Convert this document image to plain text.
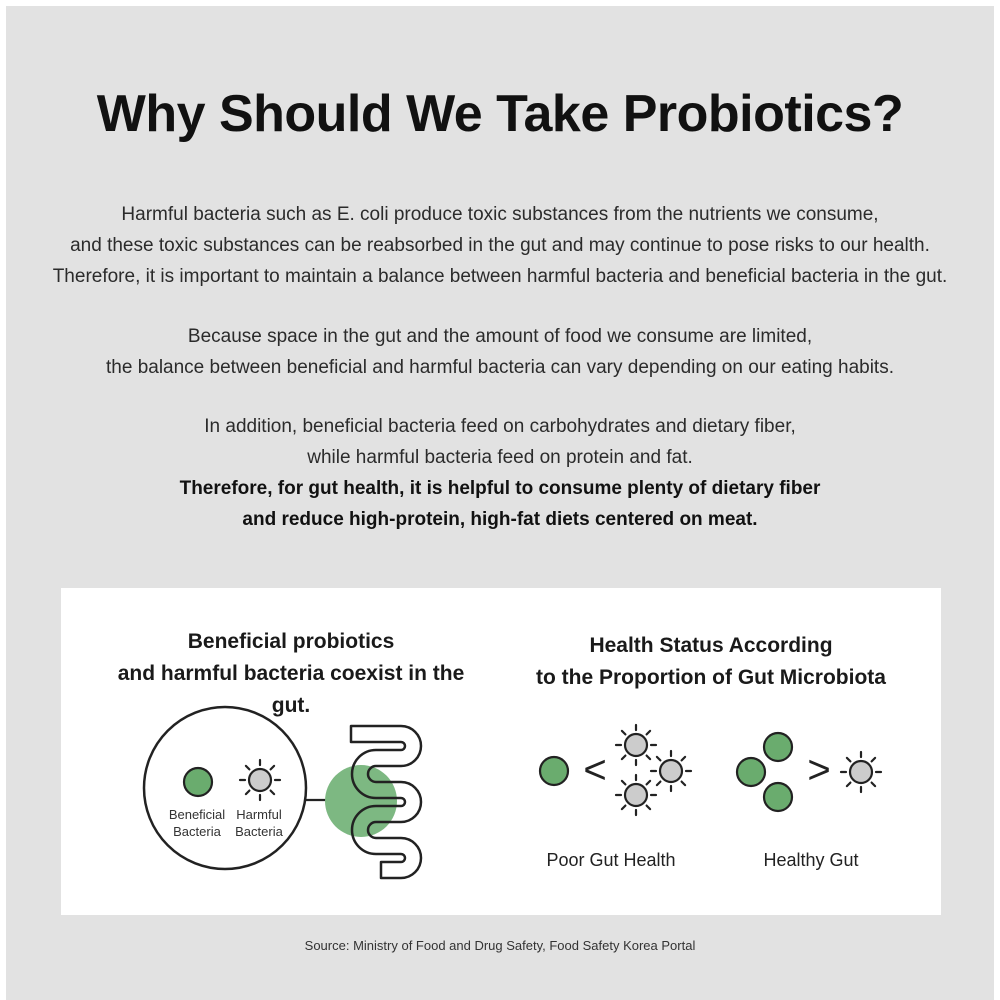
Why Should We Take Probiotics?
Harmful bacteria such as E. coli produce toxic substances from the nutrients we consume,
and these toxic substances can be reabsorbed in the gut and may continue to pose risks to our health.
Therefore, it is important to maintain a balance between harmful bacteria and beneficial bacteria in the gut.
Because space in the gut and the amount of food we consume are limited,
the balance between beneficial and harmful bacteria can vary depending on our eating habits.
In addition, beneficial bacteria feed on carbohydrates and dietary fiber,
while harmful bacteria feed on protein and fat.
Therefore, for gut health, it is helpful to consume plenty of dietary fiber
and reduce high-protein, high-fat diets centered on meat.
Beneficial probiotics
and harmful bacteria coexist in the gut.
Health Status According
to the Proportion of Gut Microbiota
<	>
Beneficial
Bacteria
Harmful
Bacteria
Poor Gut Health	Healthy Gut
Source: Ministry of Food and Drug Safety, Food Safety Korea Portal
